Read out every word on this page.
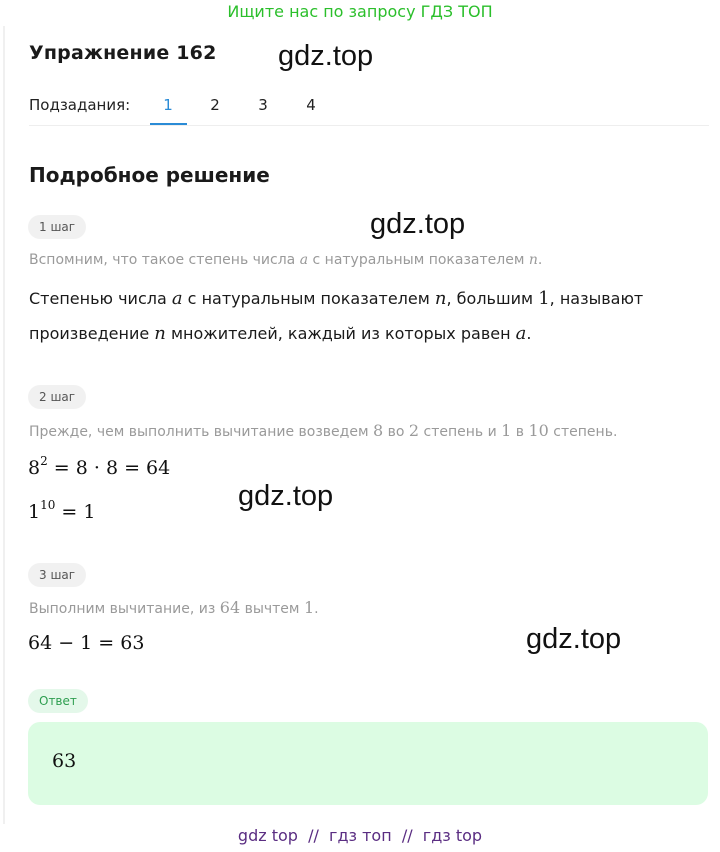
Ищите нас по запросу ГДЗ ТОП
Упражнение 162 gdz.top
gdz.top
gdz.top
gdz.top
Подзадания:	1	2	3	4
Подробное решение
1 шаг
Вспомним, что такое степень числа a с натуральным показателем n.
Степенью числа a с натуральным показателем n, большим 1, называют
произведение n множителей, каждый из которых равен a.
2 шаг
Прежде, чем выполнить вычитание возведем 8 во 2 степень и 1 в 10 степень.
$8^2 = 8 \cdot 8 = 64$
$1^{10} = 1$
3 шаг
Выполним вычитание, из 64 вычтем 1.
64 − 1 = 63
Ответ
63
gdz top  //  гдз топ  //  гдз top
